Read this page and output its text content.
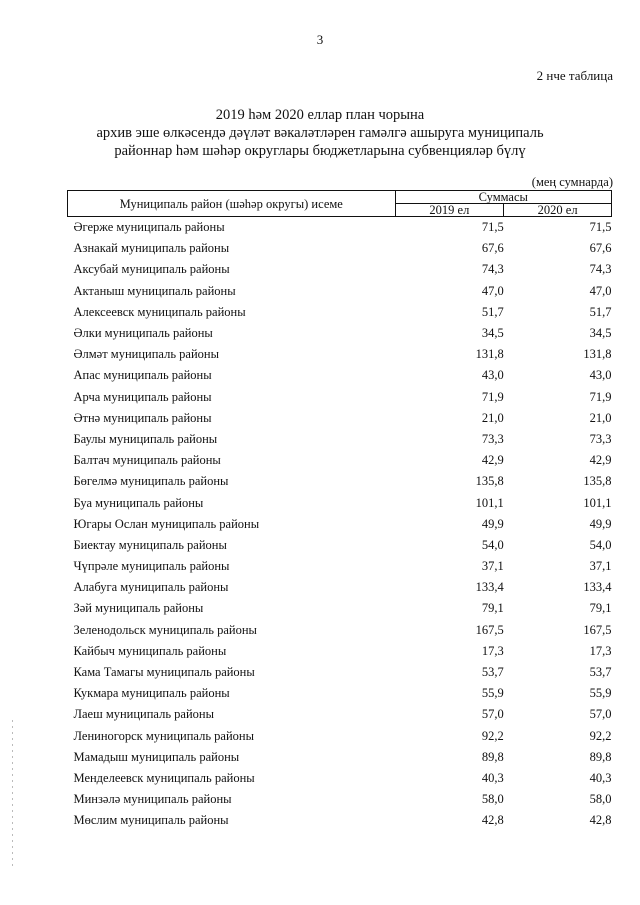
3
2 нче таблица
2019 һәм 2020 еллар план чорына
архив эше өлкәсендә дәүләт вәкаләтләрен гамәлгә ашыруга муниципаль
районнар һәм шәһәр округлары бюджетларына субвенцияләр бүлү
(мең сумнарда)
Муниципаль район (шәһәр округы) исеме	Суммасы	
	2019 ел	2020 ел
Әгерже муниципаль районы	71,5	71,5
Азнакай муниципаль районы	67,6	67,6
Аксубай муниципаль районы	74,3	74,3
Актаныш муниципаль районы	47,0	47,0
Алексеевск муниципаль районы	51,7	51,7
Әлки муниципаль районы	34,5	34,5
Әлмәт муниципаль районы	131,8	131,8
Апас муниципаль районы	43,0	43,0
Арча муниципаль районы	71,9	71,9
Әтнә муниципаль районы	21,0	21,0
Баулы муниципаль районы	73,3	73,3
Балтач муниципаль районы	42,9	42,9
Бөгелмә муниципаль районы	135,8	135,8
Буа муниципаль районы	101,1	101,1
Югары Ослан муниципаль районы	49,9	49,9
Биектау муниципаль районы	54,0	54,0
Чүпрәле муниципаль районы	37,1	37,1
Алабуга муниципаль районы	133,4	133,4
Зәй муниципаль районы	79,1	79,1
Зеленодольск муниципаль районы	167,5	167,5
Кайбыч муниципаль районы	17,3	17,3
Кама Тамагы муниципаль районы	53,7	53,7
Кукмара муниципаль районы	55,9	55,9
Лаеш муниципаль районы	57,0	57,0
Лениногорск муниципаль районы	92,2	92,2
Мамадыш муниципаль районы	89,8	89,8
Менделеевск муниципаль районы	40,3	40,3
Минзәлә муниципаль районы	58,0	58,0
Мөслим муниципаль районы	42,8	42,8
